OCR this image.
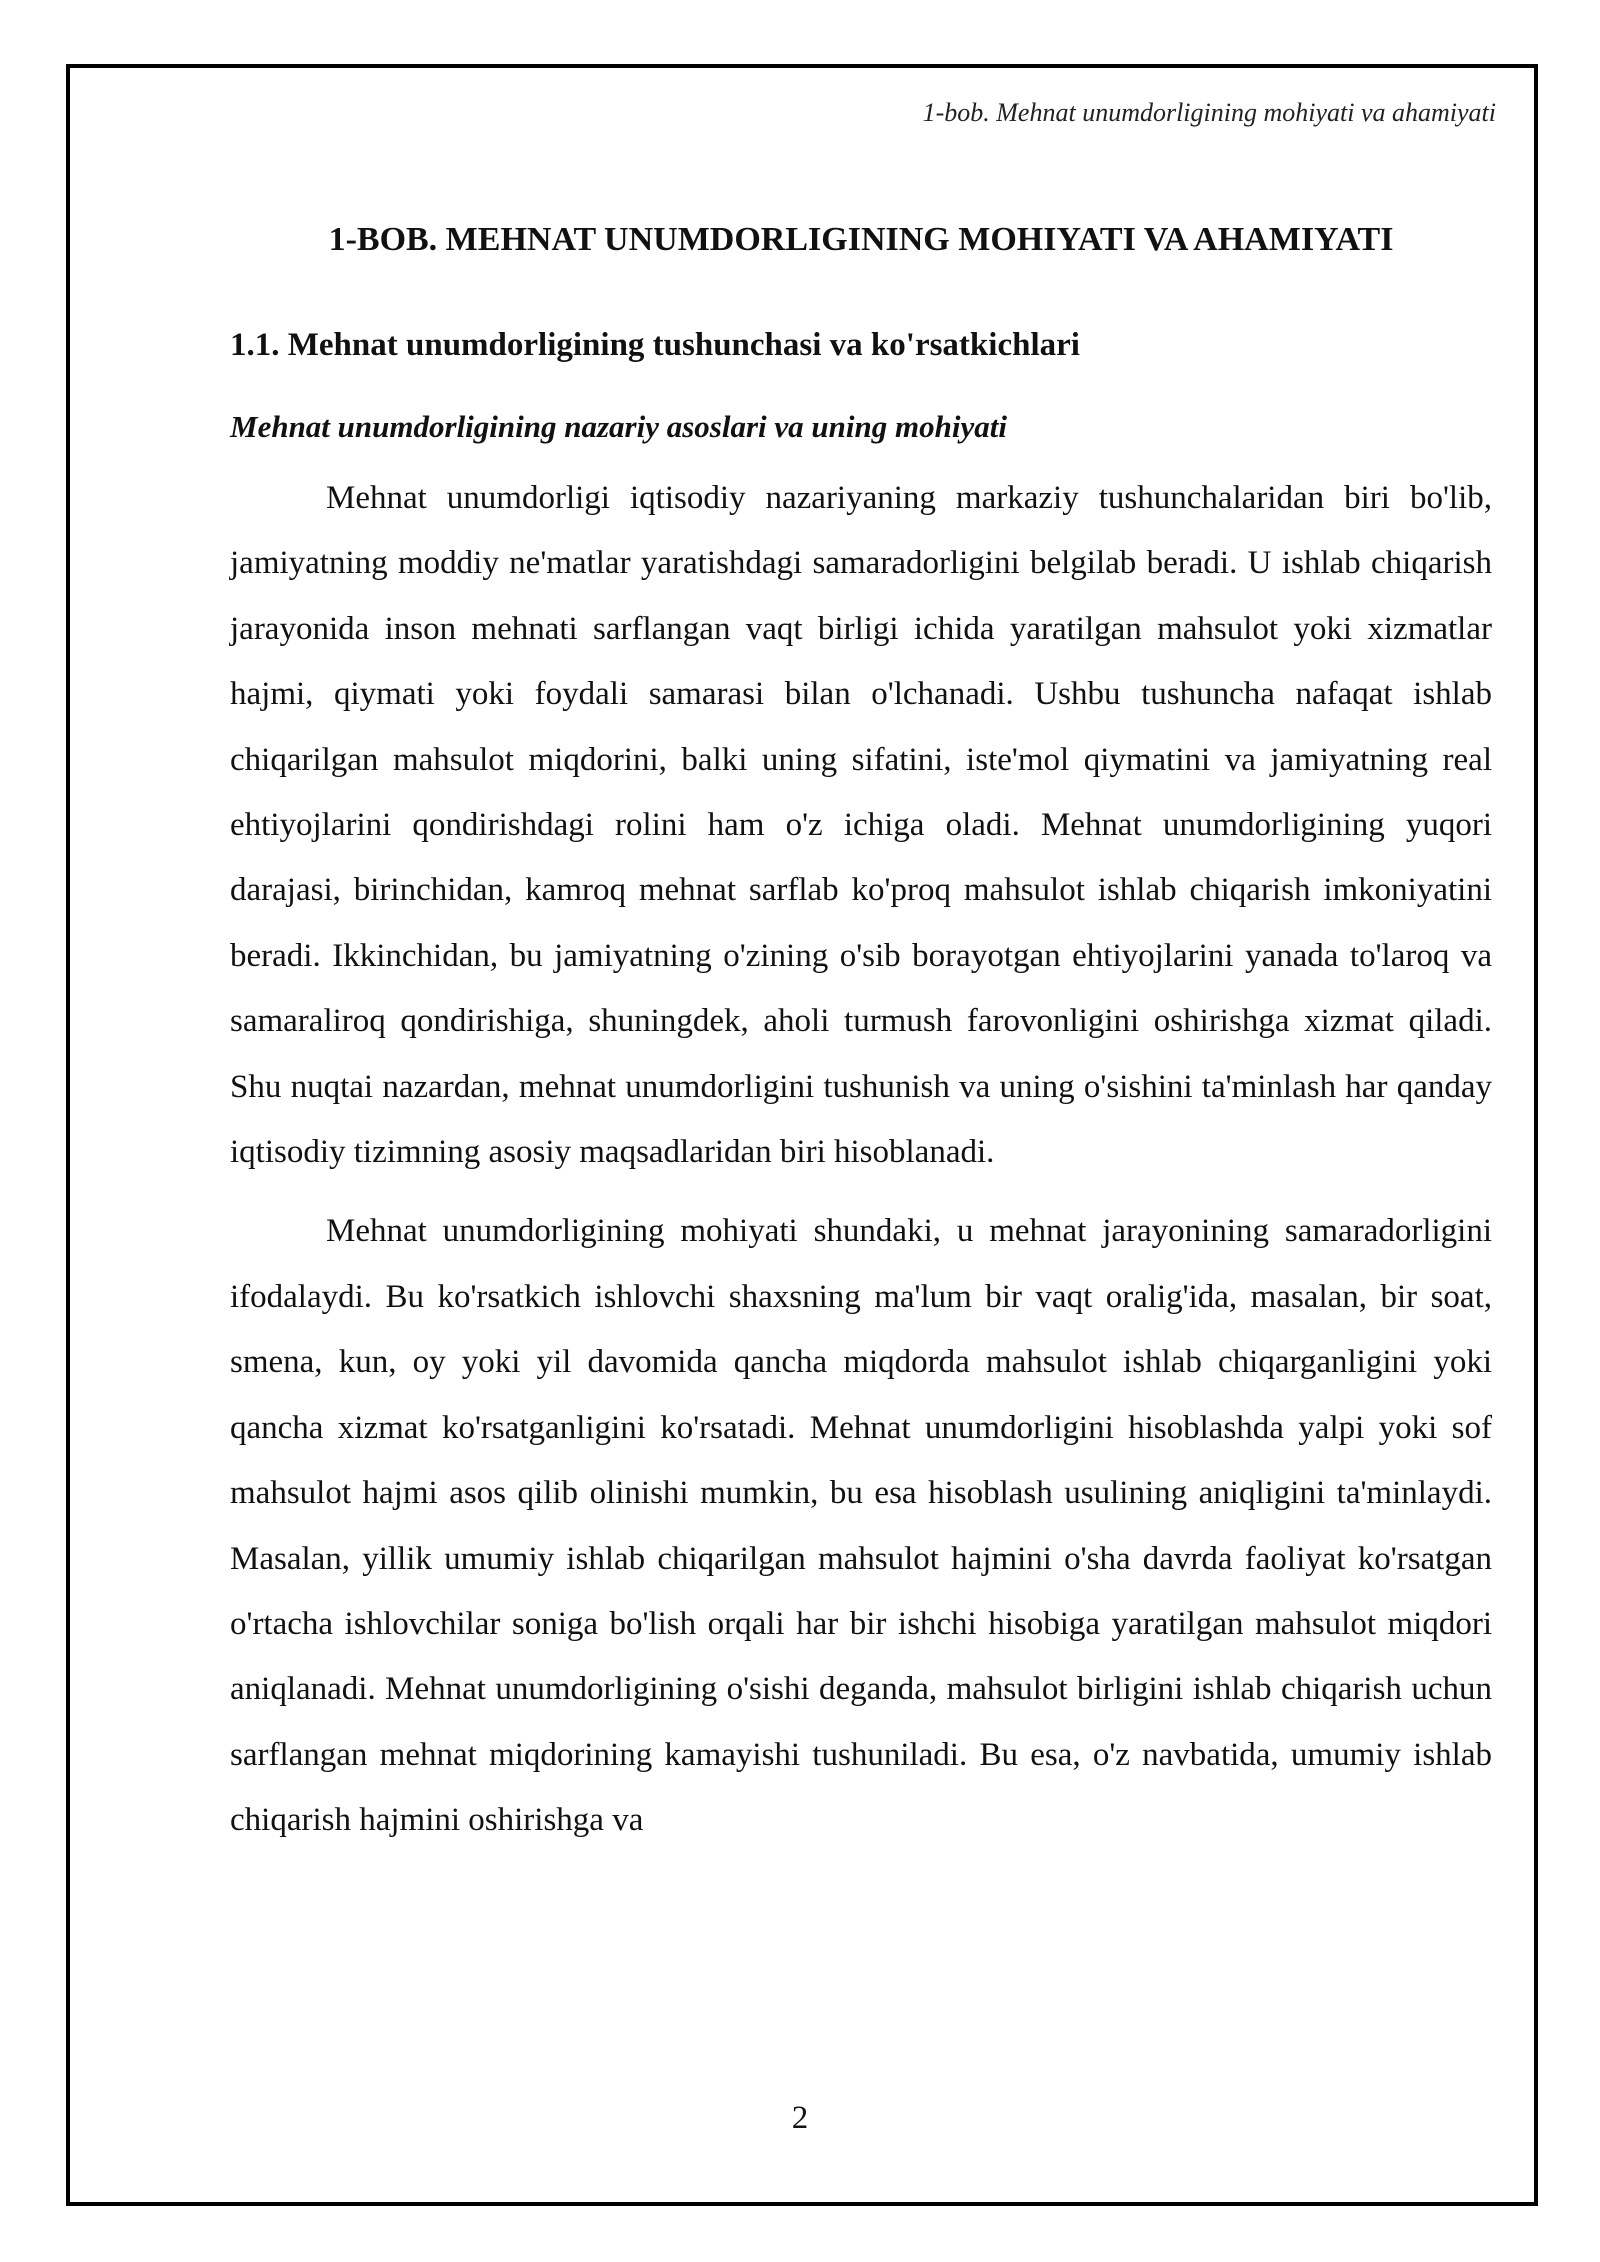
1-bob. Mehnat unumdorligining mohiyati va ahamiyati
1-BOB. MEHNAT UNUMDORLIGINING MOHIYATI VA AHAMIYATI
1.1. Mehnat unumdorligining tushunchasi va ko'rsatkichlari
Mehnat unumdorligining nazariy asoslari va uning mohiyati

Mehnat unumdorligi iqtisodiy nazariyaning markaziy tushunchalaridan biri bo'lib, jamiyatning moddiy ne'matlar yaratishdagi samaradorligini belgilab beradi. U ishlab chiqarish jarayonida inson mehnati sarflangan vaqt birligi ichida yaratilgan mahsulot yoki xizmatlar hajmi, qiymati yoki foydali samarasi bilan o'lchanadi. Ushbu tushuncha nafaqat ishlab chiqarilgan mahsulot miqdorini, balki uning sifatini, iste'mol qiymatini va jamiyatning real ehtiyojlarini qondirishdagi rolini ham o'z ichiga oladi. Mehnat unumdorligining yuqori darajasi, birinchidan, kamroq mehnat sarflab ko'proq mahsulot ishlab chiqarish imkoniyatini beradi. Ikkinchidan, bu jamiyatning o'zining o'sib borayotgan ehtiyojlarini yanada to'laroq va samaraliroq qondirishiga, shuningdek, aholi turmush farovonligini oshirishga xizmat qiladi. Shu nuqtai nazardan, mehnat unumdorligini tushunish va uning o'sishini ta'minlash har qanday iqtisodiy tizimning asosiy maqsadlaridan biri hisoblanadi.

Mehnat unumdorligining mohiyati shundaki, u mehnat jarayonining samaradorligini ifodalaydi. Bu ko'rsatkich ishlovchi shaxsning ma'lum bir vaqt oralig'ida, masalan, bir soat, smena, kun, oy yoki yil davomida qancha miqdorda mahsulot ishlab chiqarganligini yoki qancha xizmat ko'rsatganligini ko'rsatadi. Mehnat unumdorligini hisoblashda yalpi yoki sof mahsulot hajmi asos qilib olinishi mumkin, bu esa hisoblash usulining aniqligini ta'minlaydi. Masalan, yillik umumiy ishlab chiqarilgan mahsulot hajmini o'sha davrda faoliyat ko'rsatgan o'rtacha ishlovchilar soniga bo'lish orqali har bir ishchi hisobiga yaratilgan mahsulot miqdori aniqlanadi. Mehnat unumdorligining o'sishi deganda, mahsulot birligini ishlab chiqarish uchun sarflangan mehnat miqdorining kamayishi tushuniladi. Bu esa, o'z navbatida, umumiy ishlab chiqarish hajmini oshirishga va

2
